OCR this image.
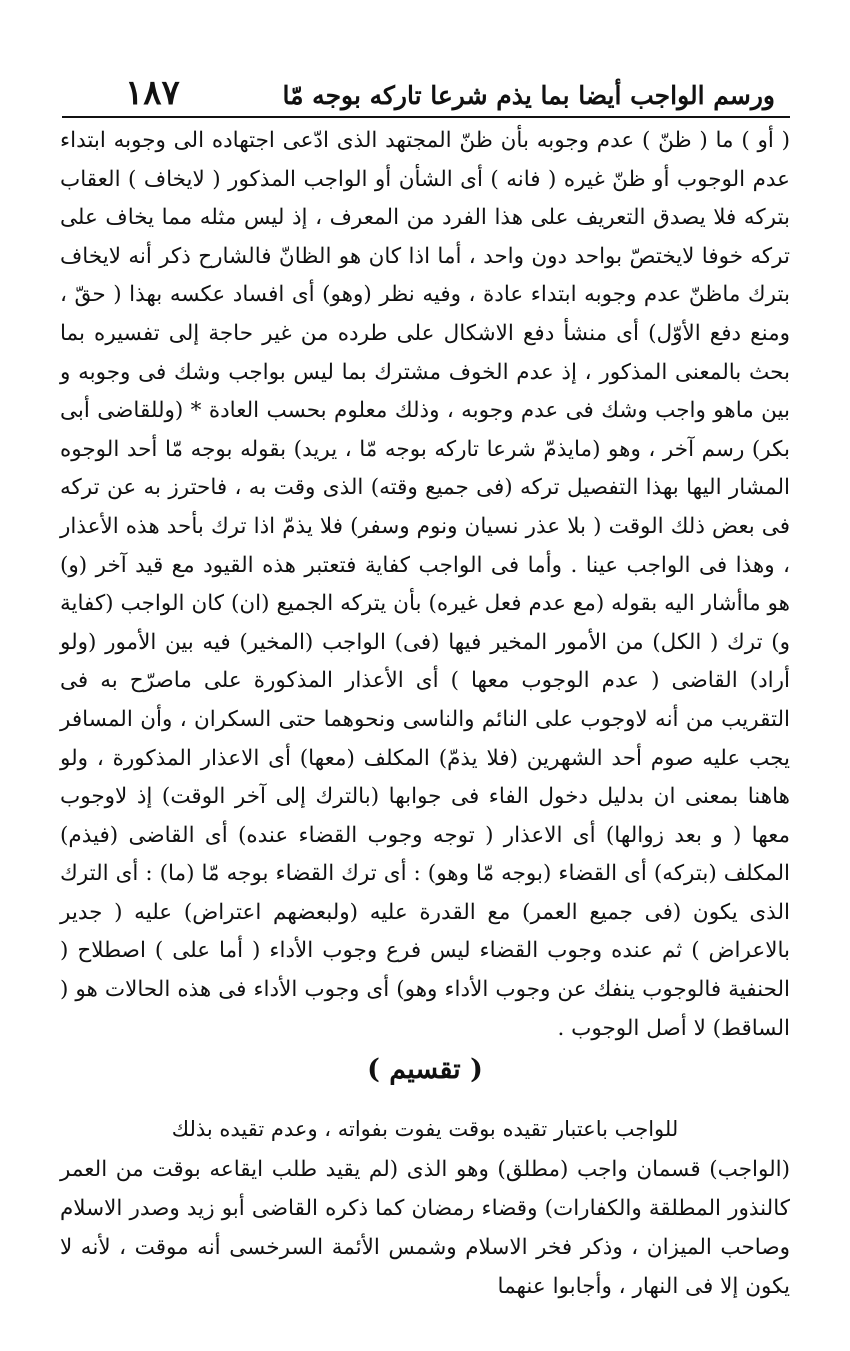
ورسم الواجب أيضا بما يذم شرعا تاركه بوجه مّا
١٨٧

( أو ) ما ( ظنّ ) عدم وجوبه بأن ظنّ المجتهد الذى ادّعى اجتهاده الى وجوبه ابتداء عدم الوجوب أو ظنّ غيره ( فانه ) أى الشأن أو الواجب المذكور ( لايخاف ) العقاب بتركه فلا يصدق التعريف على هذا الفرد من المعرف ، إذ ليس مثله مما يخاف على تركه خوفا لايختصّ بواحد دون واحد ، أما اذا كان هو الظانّ فالشارح ذكر أنه لايخاف بترك ماظنّ عدم وجوبه ابتداء عادة ، وفيه نظر (وهو) أى افساد عكسه بهذا ( حقّ ، ومنع دفع الأوّل) أى منشأ دفع الاشكال على طرده من غير حاجة إلى تفسيره بما بحث بالمعنى المذكور ، إذ عدم الخوف مشترك بما ليس بواجب وشك فى وجوبه و بين ماهو واجب وشك فى عدم وجوبه ، وذلك معلوم بحسب العادة * (وللقاضى أبى بكر) رسم آخر ، وهو (مايذمّ شرعا تاركه بوجه مّا ، يريد) بقوله بوجه مّا أحد الوجوه المشار اليها بهذا التفصيل تركه (فى جميع وقته) الذى وقت به ، فاحترز به عن تركه فى بعض ذلك الوقت ( بلا عذر نسيان ونوم وسفر) فلا يذمّ اذا ترك بأحد هذه الأعذار ، وهذا فى الواجب عينا . وأما فى الواجب كفاية فتعتبر هذه القيود مع قيد آخر (و) هو ماأشار اليه بقوله (مع عدم فعل غيره) بأن يتركه الجميع (ان) كان الواجب (كفاية و) ترك ( الكل) من الأمور المخير فيها (فى) الواجب (المخير) فيه بين الأمور (ولو أراد) القاضى ( عدم الوجوب معها ) أى الأعذار المذكورة على ماصرّح به فى التقريب من أنه لاوجوب على النائم والناسى ونحوهما حتى السكران ، وأن المسافر يجب عليه صوم أحد الشهرين (فلا يذمّ) المكلف (معها) أى الاعذار المذكورة ، ولو هاهنا بمعنى ان بدليل دخول الفاء فى جوابها (بالترك إلى آخر الوقت) إذ لاوجوب معها ( و بعد زوالها) أى الاعذار ( توجه وجوب القضاء عنده) أى القاضى (فيذم) المكلف (بتركه) أى القضاء (بوجه مّا وهو) : أى ترك القضاء بوجه مّا (ما) : أى الترك الذى يكون (فى جميع العمر) مع القدرة عليه (ولبعضهم اعتراض) عليه ( جدير بالاعراض ) ثم عنده وجوب القضاء ليس فرع وجوب الأداء ( أما على ) اصطلاح ( الحنفية فالوجوب ينفك عن وجوب الأداء وهو) أى وجوب الأداء فى هذه الحالات هو ( الساقط) لا أصل الوجوب .

( تقسيم )
للواجب باعتبار تقيده بوقت يفوت بفواته ، وعدم تقيده بذلك

(الواجب) قسمان واجب (مطلق) وهو الذى (لم يقيد طلب ايقاعه بوقت من العمر كالنذور المطلقة والكفارات) وقضاء رمضان كما ذكره القاضى أبو زيد وصدر الاسلام وصاحب الميزان ، وذكر فخر الاسلام وشمس الأئمة السرخسى أنه موقت ، لأنه لا يكون إلا فى النهار ، وأجابوا عنهما
